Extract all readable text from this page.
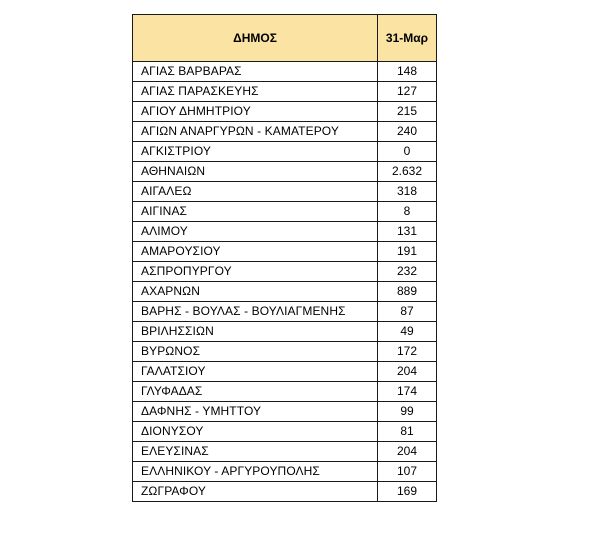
ΔΗΜΟΣ	31-Μαρ
ΑΓΙΑΣ ΒΑΡΒΑΡΑΣ	148
ΑΓΙΑΣ ΠΑΡΑΣΚΕΥΗΣ	127
ΑΓΙΟΥ ΔΗΜΗΤΡΙΟΥ	215
ΑΓΙΩΝ ΑΝΑΡΓΥΡΩΝ - ΚΑΜΑΤΕΡΟΥ	240
ΑΓΚΙΣΤΡΙΟΥ	0
ΑΘΗΝΑΙΩΝ	2.632
ΑΙΓΑΛΕΩ	318
ΑΙΓΙΝΑΣ	8
ΑΛΙΜΟΥ	131
ΑΜΑΡΟΥΣΙΟΥ	191
ΑΣΠΡΟΠΥΡΓΟΥ	232
ΑΧΑΡΝΩΝ	889
ΒΑΡΗΣ - ΒΟΥΛΑΣ - ΒΟΥΛΙΑΓΜΕΝΗΣ	87
ΒΡΙΛΗΣΣΙΩΝ	49
ΒΥΡΩΝΟΣ	172
ΓΑΛΑΤΣΙΟΥ	204
ΓΛΥΦΑΔΑΣ	174
ΔΑΦΝΗΣ - ΥΜΗΤΤΟΥ	99
ΔΙΟΝΥΣΟΥ	81
ΕΛΕΥΣΙΝΑΣ	204
ΕΛΛΗΝΙΚΟΥ - ΑΡΓΥΡΟΥΠΟΛΗΣ	107
ΖΩΓΡΑΦΟΥ	169
